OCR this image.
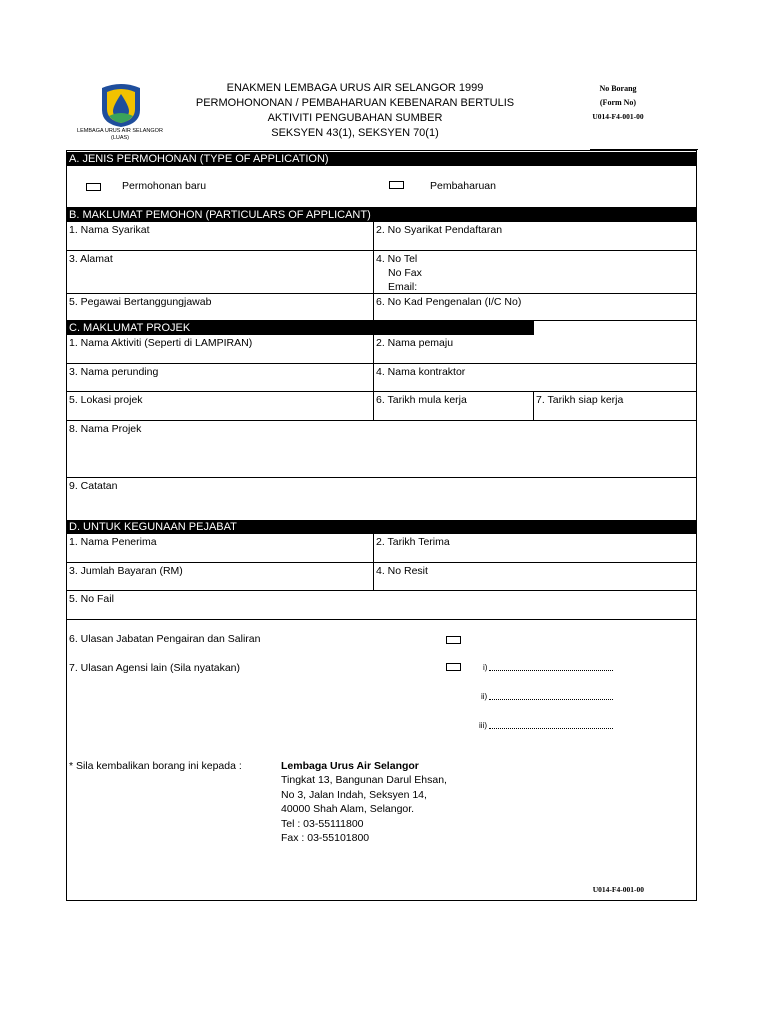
LEMBAGA URUS AIR SELANGOR
(LUAS)
ENAKMEN LEMBAGA URUS AIR SELANGOR 1999
PERMOHONONAN / PEMBAHARUAN KEBENARAN BERTULIS
AKTIVITI PENGUBAHAN SUMBER
SEKSYEN 43(1), SEKSYEN 70(1)
No Borang
(Form No)
U014-F4-001-00
A. JENIS PERMOHONAN (TYPE OF APPLICATION)
Permohonan baru	Pembaharuan
B. MAKLUMAT PEMOHON (PARTICULARS OF APPLICANT)
1. Nama Syarikat	2. No Syarikat Pendaftaran
3. Alamat	4. No Tel
No Fax
Email:
5. Pegawai Bertanggungjawab	6. No Kad Pengenalan (I/C No)
C. MAKLUMAT PROJEK
1. Nama Aktiviti (Seperti di LAMPIRAN)	2. Nama pemaju
3. Nama perunding	4. Nama kontraktor
5. Lokasi projek	6. Tarikh mula kerja	7. Tarikh siap kerja
8. Nama Projek
9. Catatan
D. UNTUK KEGUNAAN PEJABAT
1. Nama Penerima	2. Tarikh Terima
3. Jumlah Bayaran (RM)	4. No Resit
5. No Fail
6. Ulasan Jabatan Pengairan dan Saliran
7. Ulasan Agensi lain (Sila nyatakan)	i)
ii)
iii)
* Sila kembalikan borang ini kepada :	Lembaga Urus Air Selangor
Tingkat 13, Bangunan Darul Ehsan,
No 3, Jalan Indah, Seksyen 14,
40000 Shah Alam, Selangor.
Tel : 03-55111800
Fax : 03-55101800
U014-F4-001-00
